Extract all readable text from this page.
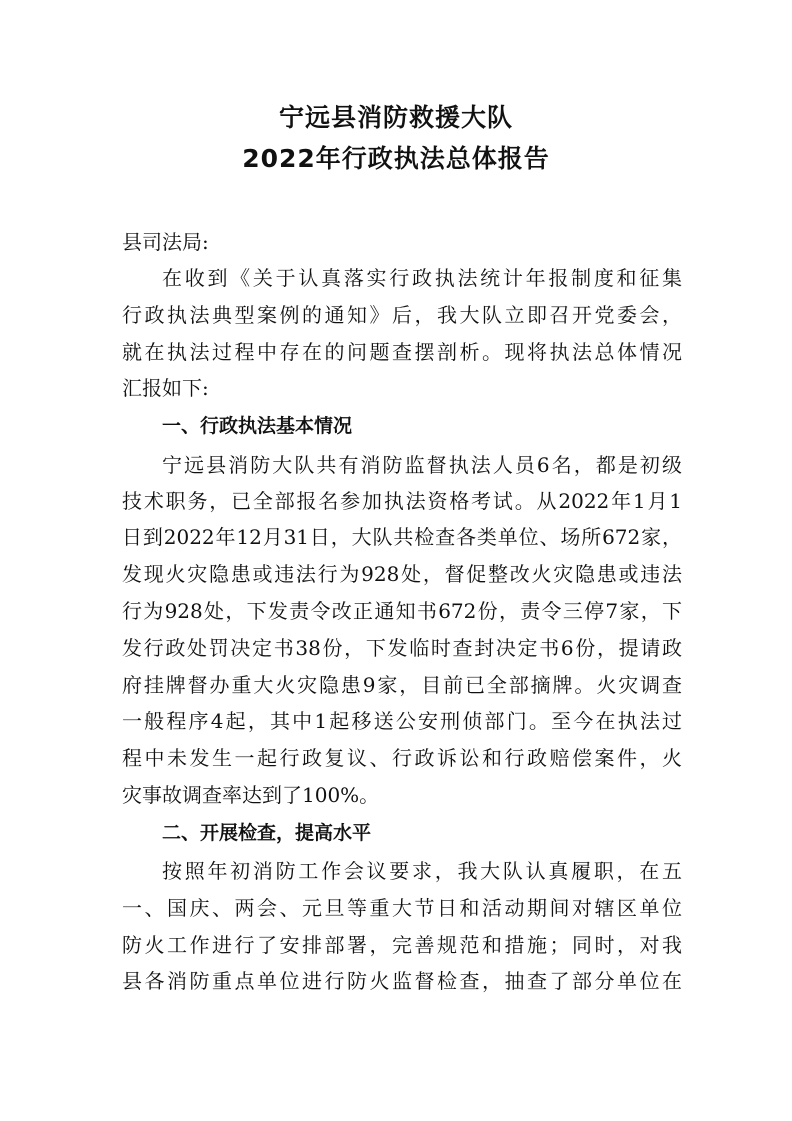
宁远县消防救援大队
2022年行政执法总体报告
县司法局:
在收到《关于认真落实行政执法统计年报制度和征集
行政执法典型案例的通知》后，我大队立即召开党委会，
就在执法过程中存在的问题查摆剖析。现将执法总体情况
汇报如下:
一、行政执法基本情况
宁远县消防大队共有消防监督执法人员6名，都是初级
技术职务，已全部报名参加执法资格考试。从2022年1月1
日到2022年12月31日，大队共检查各类单位、场所672家，
发现火灾隐患或违法行为928处，督促整改火灾隐患或违法
行为928处，下发责令改正通知书672份，责令三停7家，下
发行政处罚决定书38份，下发临时查封决定书6份，提请政
府挂牌督办重大火灾隐患9家，目前已全部摘牌。火灾调查
一般程序4起，其中1起移送公安刑侦部门。至今在执法过
程中未发生一起行政复议、行政诉讼和行政赔偿案件，火
灾事故调查率达到了100%。
二、开展检查，提高水平
按照年初消防工作会议要求，我大队认真履职，在五
一、国庆、两会、元旦等重大节日和活动期间对辖区单位
防火工作进行了安排部署，完善规范和措施；同时，对我
县各消防重点单位进行防火监督检查，抽查了部分单位在
